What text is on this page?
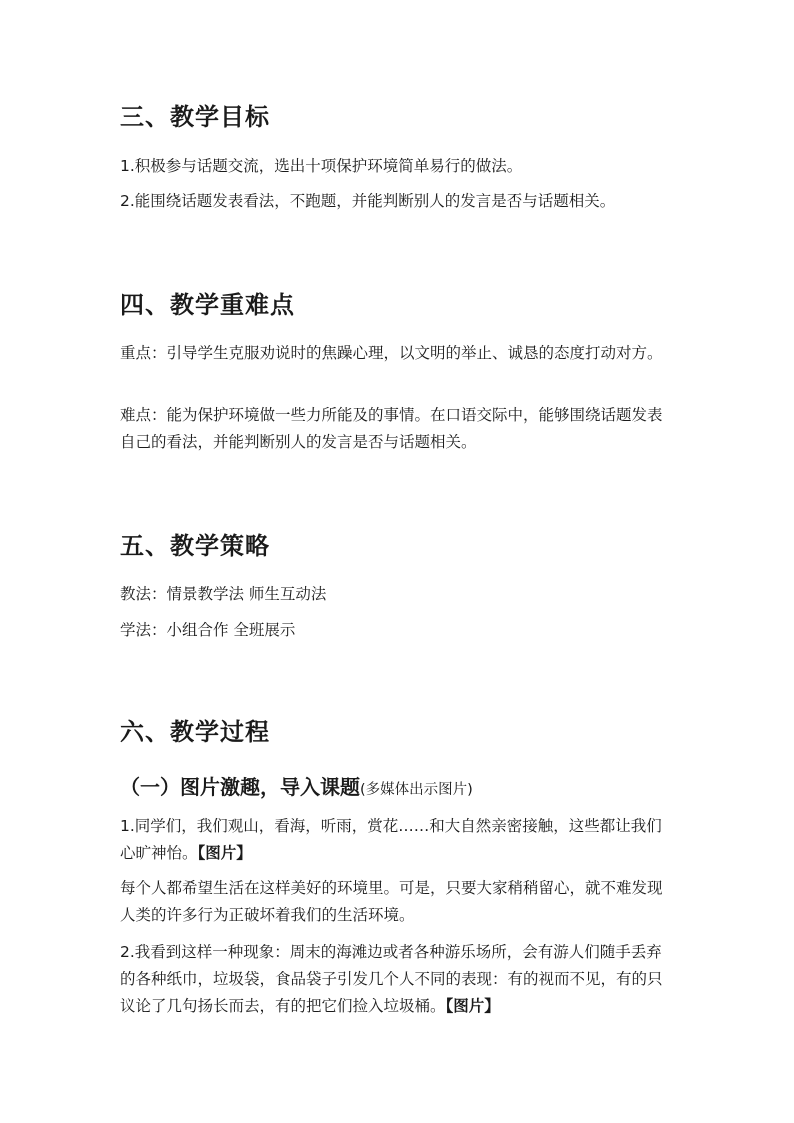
三、教学目标

1.积极参与话题交流，选出十项保护环境简单易行的做法。

2.能围绕话题发表看法，不跑题，并能判断别人的发言是否与话题相关。

四、教学重难点

重点：引导学生克服劝说时的焦躁心理，以文明的举止、诚恳的态度打动对方。

难点：能为保护环境做一些力所能及的事情。在口语交际中，能够围绕话题发表自己的看法，并能判断别人的发言是否与话题相关。

五、教学策略

教法：情景教学法 师生互动法

学法：小组合作 全班展示

六、教学过程

（一）图片激趣，导入课题(多媒体出示图片)

1.同学们，我们观山，看海，听雨，赏花……和大自然亲密接触，这些都让我们心旷神怡。【图片】

每个人都希望生活在这样美好的环境里。可是，只要大家稍稍留心，就不难发现人类的许多行为正破坏着我们的生活环境。

2.我看到这样一种现象：周末的海滩边或者各种游乐场所，会有游人们随手丢弃的各种纸巾，垃圾袋，食品袋子引发几个人不同的表现：有的视而不见，有的只议论了几句扬长而去，有的把它们捡入垃圾桶。【图片】
